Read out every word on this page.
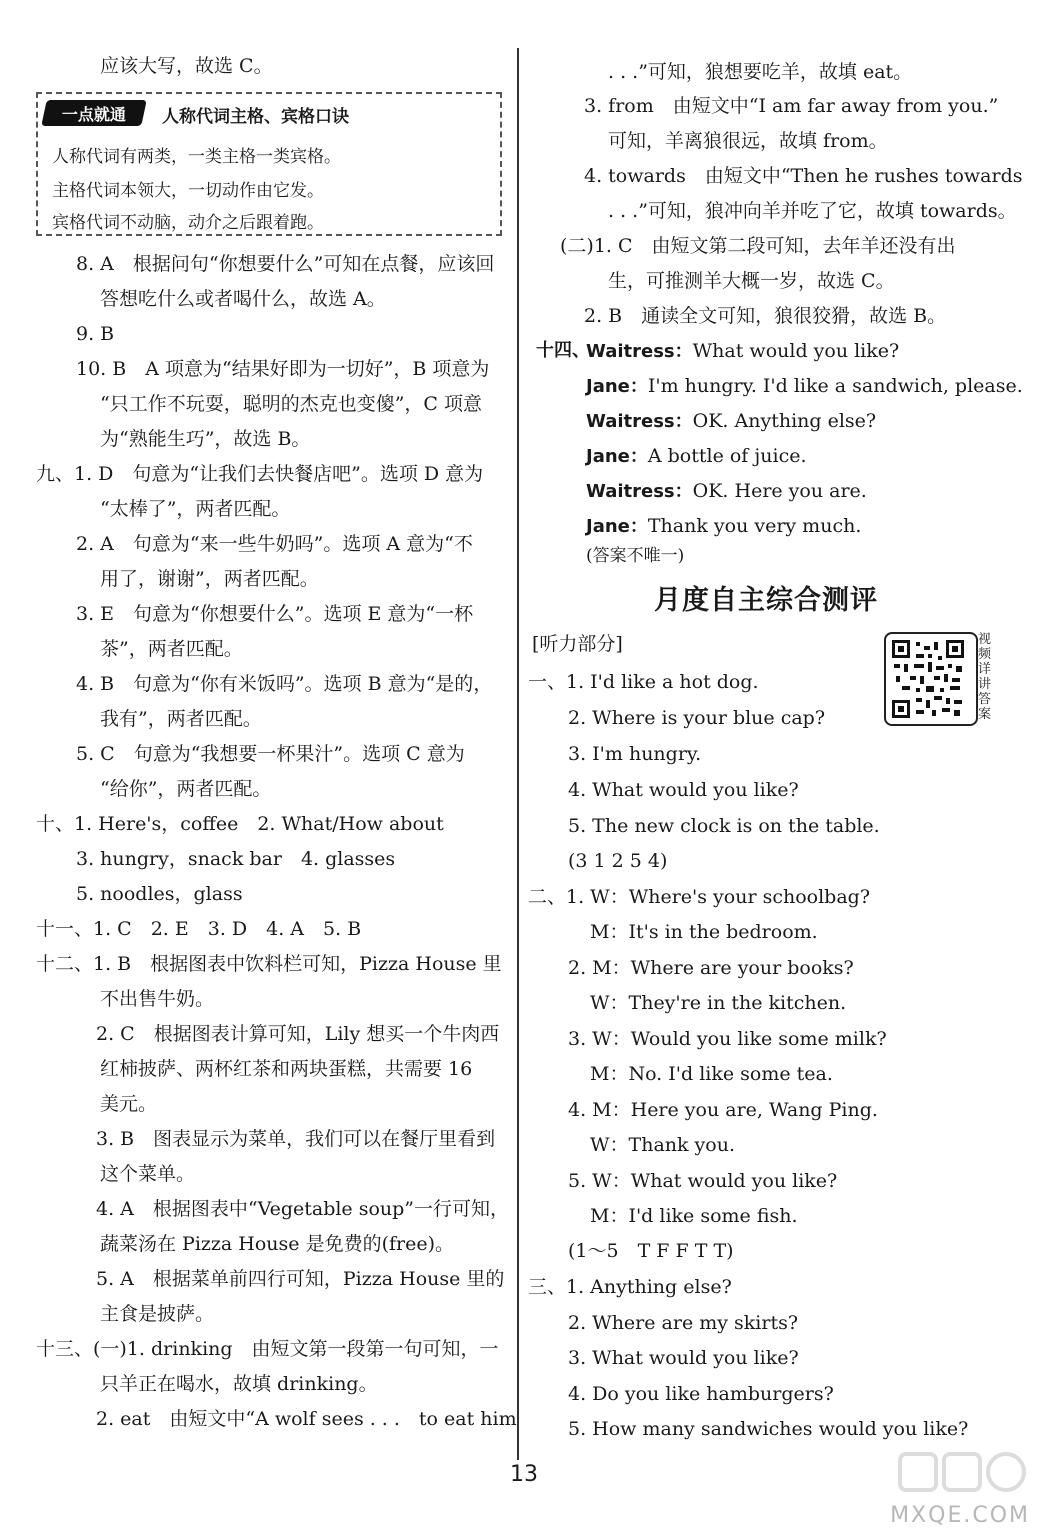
应该大写，故选 C。
一点就通 人称代词主格、宾格口诀
人称代词有两类，一类主格一类宾格。
主格代词本领大，一切动作由它发。
宾格代词不动脑，动介之后跟着跑。
8. A　根据问句“你想要什么”可知在点餐，应该回
答想吃什么或者喝什么，故选 A。
9. B
10. B　A 项意为“结果好即为一切好”，B 项意为
“只工作不玩耍，聪明的杰克也变傻”，C 项意
为“熟能生巧”，故选 B。
九、1. D　句意为“让我们去快餐店吧”。选项 D 意为
“太棒了”，两者匹配。
2. A　句意为“来一些牛奶吗”。选项 A 意为“不
用了，谢谢”，两者匹配。
3. E　句意为“你想要什么”。选项 E 意为“一杯
茶”，两者匹配。
4. B　句意为“你有米饭吗”。选项 B 意为“是的，
我有”，两者匹配。
5. C　句意为“我想要一杯果汁”。选项 C 意为
“给你”，两者匹配。
十、1. Here's，coffee　2. What/How about
3. hungry，snack bar　4. glasses
5. noodles，glass
十一、1. C　2. E　3. D　4. A　5. B
十二、1. B　根据图表中饮料栏可知，Pizza House 里
不出售牛奶。
2. C　根据图表计算可知，Lily 想买一个牛肉西
红柿披萨、两杯红茶和两块蛋糕，共需要 16
美元。
3. B　图表显示为菜单，我们可以在餐厅里看到
这个菜单。
4. A　根据图表中“Vegetable soup”一行可知，
蔬菜汤在 Pizza House 是免费的(free)。
5. A　根据菜单前四行可知，Pizza House 里的
主食是披萨。
十三、(一)1. drinking　由短文第一段第一句可知，一
只羊正在喝水，故填 drinking。
2. eat　由短文中“A wolf sees . . .　to eat him
. . .”可知，狼想要吃羊，故填 eat。
3. from　由短文中“I am far away from you.”
可知，羊离狼很远，故填 from。
4. towards　由短文中“Then he rushes towards
. . .”可知，狼冲向羊并吃了它，故填 towards。
(二)1. C　由短文第二段可知，去年羊还没有出
生，可推测羊大概一岁，故选 C。
2. B　通读全文可知，狼很狡猾，故选 B。
十四、
Waitress：What would you like?
Jane：I'm hungry. I'd like a sandwich, please.
Waitress：OK. Anything else?
Jane：A bottle of juice.
Waitress：OK. Here you are.
Jane：Thank you very much.
(答案不唯一)
[听力部分]
一、1. I'd like a hot dog.
2. Where is your blue cap?
3. I'm hungry.
4. What would you like?
5. The new clock is on the table.
(3 1 2 5 4)
二、1. W：Where's your schoolbag?
M：It's in the bedroom.
2. M：Where are your books?
W：They're in the kitchen.
3. W：Would you like some milk?
M：No. I'd like some tea.
4. M：Here you are, Wang Ping.
W：Thank you.
5. W：What would you like?
M：I'd like some fish.
(1～5　T F F T T)
三、1. Anything else?
2. Where are my skirts?
3. What would you like?
4. Do you like hamburgers?
5. How many sandwiches would you like?
月度自主综合测评
视频详讲答案
13
MXQE.COM
